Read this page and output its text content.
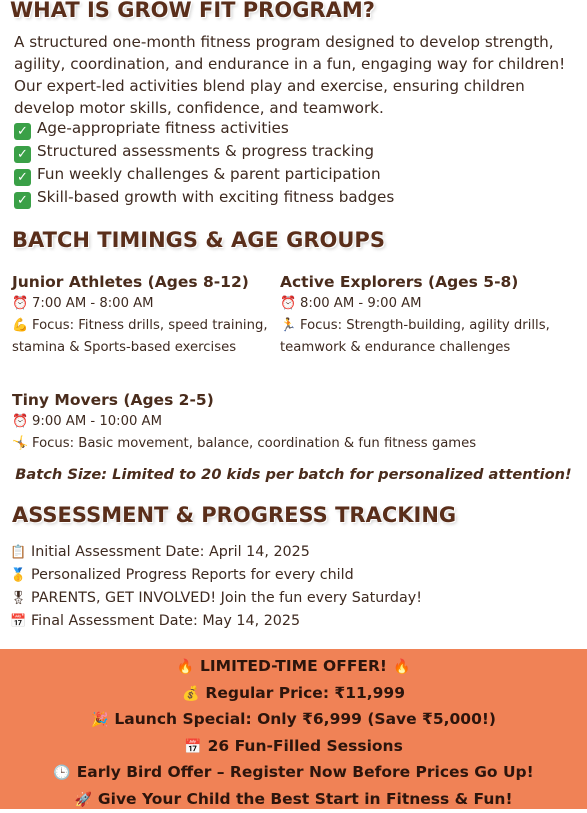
WHAT IS GROW FIT PROGRAM?
A structured one-month fitness program designed to develop strength, agility, coordination, and endurance in a fun, engaging way for children! Our expert-led activities blend play and exercise, ensuring children develop motor skills, confidence, and teamwork.
✓ Age-appropriate fitness activities
✓ Structured assessments & progress tracking
✓ Fun weekly challenges & parent participation
✓ Skill-based growth with exciting fitness badges
BATCH TIMINGS & AGE GROUPS
Junior Athletes (Ages 8-12)
⏰ 7:00 AM - 8:00 AM
💪 Focus: Fitness drills, speed training, stamina & Sports-based exercises
Active Explorers (Ages 5-8)
⏰ 8:00 AM - 9:00 AM
🏃 Focus: Strength-building, agility drills, teamwork & endurance challenges
Tiny Movers (Ages 2-5)
⏰ 9:00 AM - 10:00 AM
🤸 Focus: Basic movement, balance, coordination & fun fitness games
Batch Size: Limited to 20 kids per batch for personalized attention!
ASSESSMENT & PROGRESS TRACKING
📋 Initial Assessment Date: April 14, 2025
🥇 Personalized Progress Reports for every child
🎖 PARENTS, GET INVOLVED! Join the fun every Saturday!
📅 Final Assessment Date: May 14, 2025
🔥 LIMITED-TIME OFFER! 🔥
💰 Regular Price: ₹11,999
🎉 Launch Special: Only ₹6,999 (Save ₹5,000!)
📅 26 Fun-Filled Sessions
🕒 Early Bird Offer – Register Now Before Prices Go Up!
🚀 Give Your Child the Best Start in Fitness & Fun!
